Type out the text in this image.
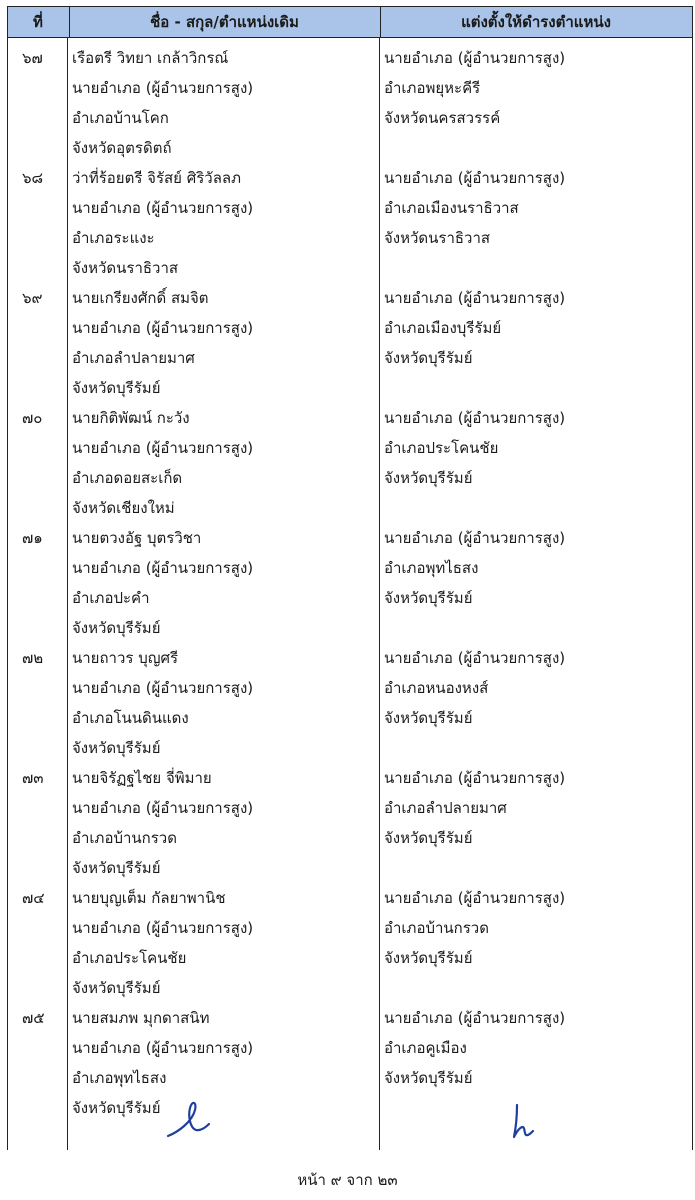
ที่	ชื่อ - สกุล/ตำแหน่งเดิม	แต่งตั้งให้ดำรงตำแหน่ง
๖๗ เรือตรี วิทยา เกล้าวิกรณ์
นายอำเภอ (ผู้อำนวยการสูง)
อำเภอบ้านโคก
จังหวัดอุตรดิตถ์
นายอำเภอ (ผู้อำนวยการสูง)
อำเภอพยุหะคีรี
จังหวัดนครสวรรค์
๖๘ ว่าที่ร้อยตรี จิรัสย์ ศิริวัลลภ
นายอำเภอ (ผู้อำนวยการสูง)
อำเภอระแงะ
จังหวัดนราธิวาส
นายอำเภอ (ผู้อำนวยการสูง)
อำเภอเมืองนราธิวาส
จังหวัดนราธิวาส
๖๙ นายเกรียงศักดิ์ สมจิต
นายอำเภอ (ผู้อำนวยการสูง)
อำเภอลำปลายมาศ
จังหวัดบุรีรัมย์
นายอำเภอ (ผู้อำนวยการสูง)
อำเภอเมืองบุรีรัมย์
จังหวัดบุรีรัมย์
๗๐ นายกิติพัฒน์ กะวัง
นายอำเภอ (ผู้อำนวยการสูง)
อำเภอดอยสะเก็ด
จังหวัดเชียงใหม่
นายอำเภอ (ผู้อำนวยการสูง)
อำเภอประโคนชัย
จังหวัดบุรีรัมย์
๗๑ นายตวงอัฐ บุตรวิชา
นายอำเภอ (ผู้อำนวยการสูง)
อำเภอปะคำ
จังหวัดบุรีรัมย์
นายอำเภอ (ผู้อำนวยการสูง)
อำเภอพุทไธสง
จังหวัดบุรีรัมย์
๗๒ นายถาวร บุญศรี
นายอำเภอ (ผู้อำนวยการสูง)
อำเภอโนนดินแดง
จังหวัดบุรีรัมย์
นายอำเภอ (ผู้อำนวยการสูง)
อำเภอหนองหงส์
จังหวัดบุรีรัมย์
๗๓ นายจิรัฏฐไชย จี่พิมาย
นายอำเภอ (ผู้อำนวยการสูง)
อำเภอบ้านกรวด
จังหวัดบุรีรัมย์
นายอำเภอ (ผู้อำนวยการสูง)
อำเภอลำปลายมาศ
จังหวัดบุรีรัมย์
๗๔ นายบุญเต็ม กัลยาพานิช
นายอำเภอ (ผู้อำนวยการสูง)
อำเภอประโคนชัย
จังหวัดบุรีรัมย์
นายอำเภอ (ผู้อำนวยการสูง)
อำเภอบ้านกรวด
จังหวัดบุรีรัมย์
๗๕ นายสมภพ มุกดาสนิท
นายอำเภอ (ผู้อำนวยการสูง)
อำเภอพุทไธสง
จังหวัดบุรีรัมย์
นายอำเภอ (ผู้อำนวยการสูง)
อำเภอคูเมือง
จังหวัดบุรีรัมย์
หน้า ๙ จาก ๒๓
